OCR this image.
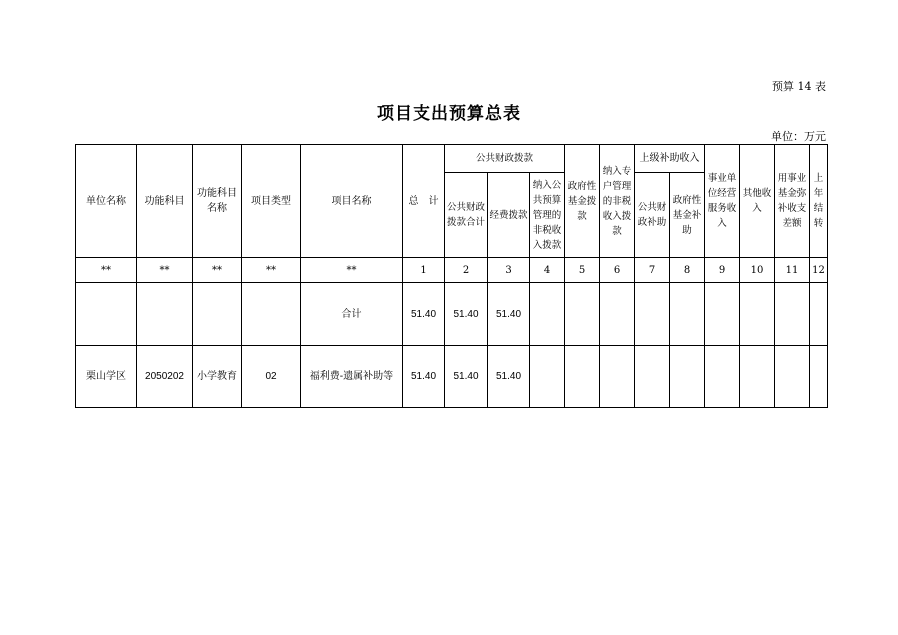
预算 14 表
项目支出预算总表
单位：万元
单位名称	功能科目	功能科目名称	项目类型	项目名称	总　计	公共财政拨款			政府性基金拨款	纳入专户管理的非税收入拨款	上级补助收入		事业单位经营服务收入	其他收入	用事业基金弥补收支差额	上年结转
						公共财政拨款合计	经费拨款	纳入公共预算管理的非税收入拨款			公共财政补助	政府性基金补助				
**	**	**	**	**	1	2	3	4	5	6	7	8	9	10	11	12
				合计	51.40	51.40	51.40									
栗山学区	2050202	小学教育	02	福利费-遗属补助等	51.40	51.40	51.40									
